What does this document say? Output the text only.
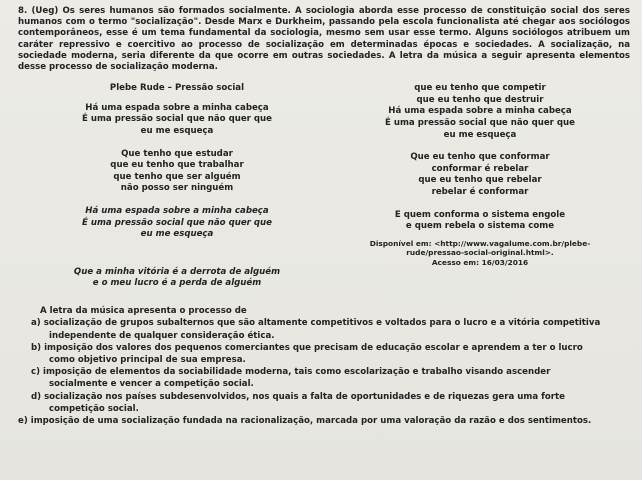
8. (Ueg) Os seres humanos são formados socialmente. A sociologia aborda esse processo de constituição social dos seres humanos com o termo "socialização". Desde Marx e Durkheim, passando pela escola funcionalista até chegar aos sociólogos contemporâneos, esse é um tema fundamental da sociologia, mesmo sem usar esse termo. Alguns sociólogos atribuem um caráter repressivo e coercitivo ao processo de socialização em determinadas épocas e sociedades. A socialização, na sociedade moderna, seria diferente da que ocorre em outras sociedades. A letra da música a seguir apresenta elementos desse processo de socialização moderna.

Plebe Rude – Pressão social
Há uma espada sobre a minha cabeça
É uma pressão social que não quer que
eu me esqueça
Que tenho que estudar
que eu tenho que trabalhar
que tenho que ser alguém
não posso ser ninguém
Há uma espada sobre a minha cabeça
É uma pressão social que não quer que
eu me esqueça
Que a minha vitória é a derrota de alguém
e o meu lucro é a perda de alguém
que eu tenho que competir
que eu tenho que destruir
Há uma espada sobre a minha cabeça
É uma pressão social que não quer que
eu me esqueça
Que eu tenho que conformar
conformar é rebelar
que eu tenho que rebelar
rebelar é conformar
E quem conforma o sistema engole
e quem rebela o sistema come
Disponível em: <http://www.vagalume.com.br/plebe-
rude/pressao-social-original.html>.
Acesso em: 16/03/2016
A letra da música apresenta o processo de

a) socialização de grupos subalternos que são altamente competitivos e voltados para o lucro e a vitória competitiva
independente de qualquer consideração ética.

b) imposição dos valores dos pequenos comerciantes que precisam de educação escolar e aprendem a ter o lucro
como objetivo principal de sua empresa.

c) imposição de elementos da sociabilidade moderna, tais como escolarização e trabalho visando ascender
socialmente e vencer a competição social.

d) socialização nos países subdesenvolvidos, nos quais a falta de oportunidades e de riquezas gera uma forte
competição social.

e) imposição de uma socialização fundada na racionalização, marcada por uma valoração da razão e dos sentimentos.
